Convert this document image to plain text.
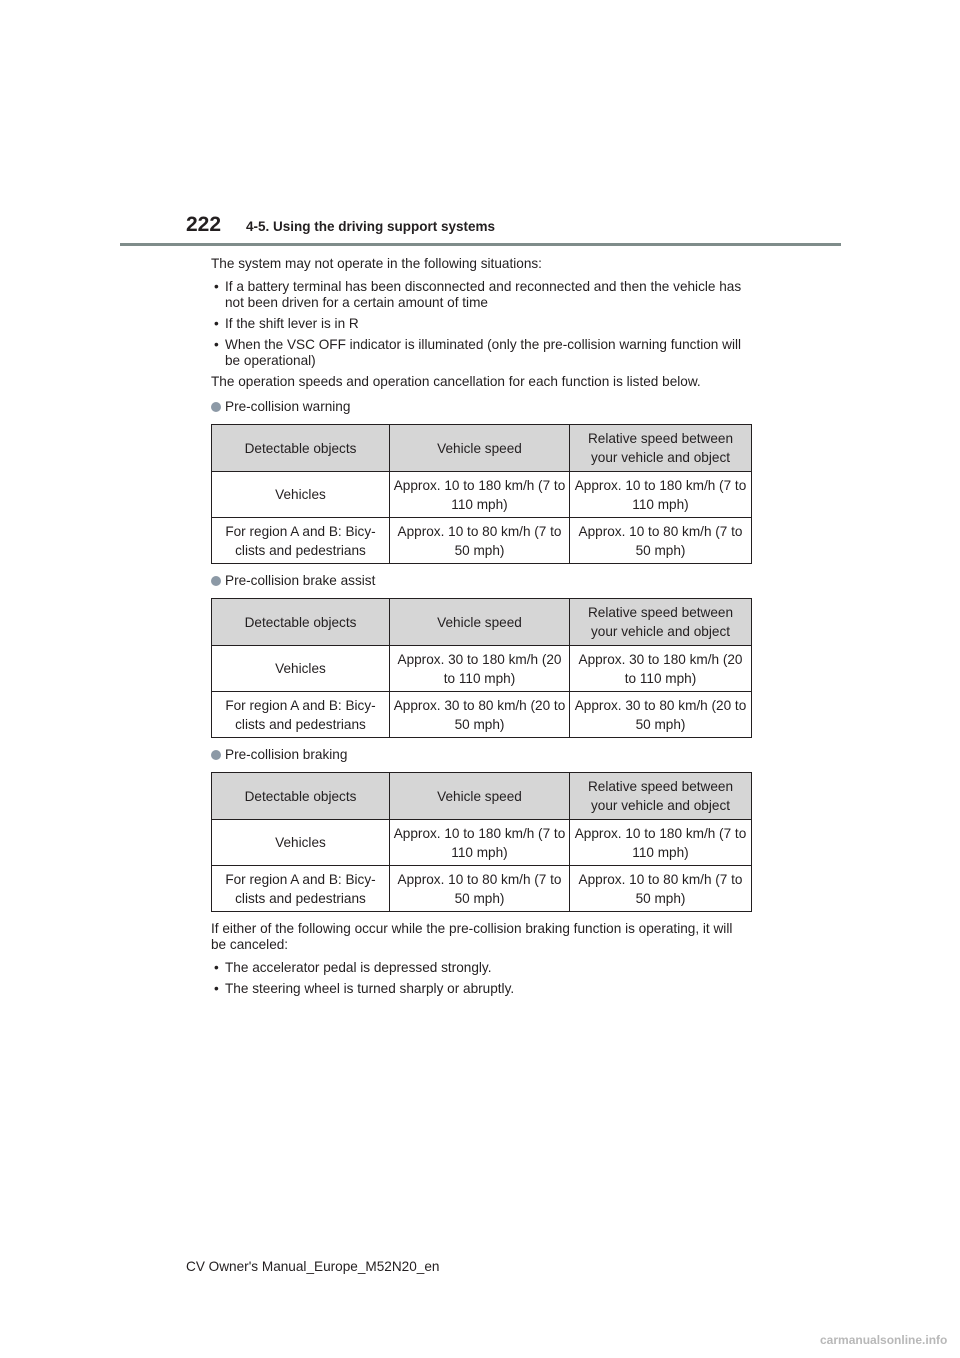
222 4-5. Using the driving support systems

The system may not operate in the following situations:

• If a battery terminal has been disconnected and reconnected and then the vehicle has not been driven for a certain amount of time
• If the shift lever is in R
• When the VSC OFF indicator is illuminated (only the pre-collision warning function will be operational)

The operation speeds and operation cancellation for each function is listed below.

Pre-collision warning
Detectable objects	Vehicle speed	Relative speed between your vehicle and object
Vehicles	Approx. 10 to 180 km/h (7 to 110 mph)	Approx. 10 to 180 km/h (7 to 110 mph)
For region A and B: Bicy-clists and pedestrians	Approx. 10 to 80 km/h (7 to 50 mph)	Approx. 10 to 80 km/h (7 to 50 mph)
Pre-collision brake assist
Detectable objects	Vehicle speed	Relative speed between your vehicle and object
Vehicles	Approx. 30 to 180 km/h (20 to 110 mph)	Approx. 30 to 180 km/h (20 to 110 mph)
For region A and B: Bicy-clists and pedestrians	Approx. 30 to 80 km/h (20 to 50 mph)	Approx. 30 to 80 km/h (20 to 50 mph)
Pre-collision braking
Detectable objects	Vehicle speed	Relative speed between your vehicle and object
Vehicles	Approx. 10 to 180 km/h (7 to 110 mph)	Approx. 10 to 180 km/h (7 to 110 mph)
For region A and B: Bicy-clists and pedestrians	Approx. 10 to 80 km/h (7 to 50 mph)	Approx. 10 to 80 km/h (7 to 50 mph)

If either of the following occur while the pre-collision braking function is operating, it will be canceled:

• The accelerator pedal is depressed strongly.
• The steering wheel is turned sharply or abruptly.
CV Owner's Manual_Europe_M52N20_en
carmanualsonline.info
